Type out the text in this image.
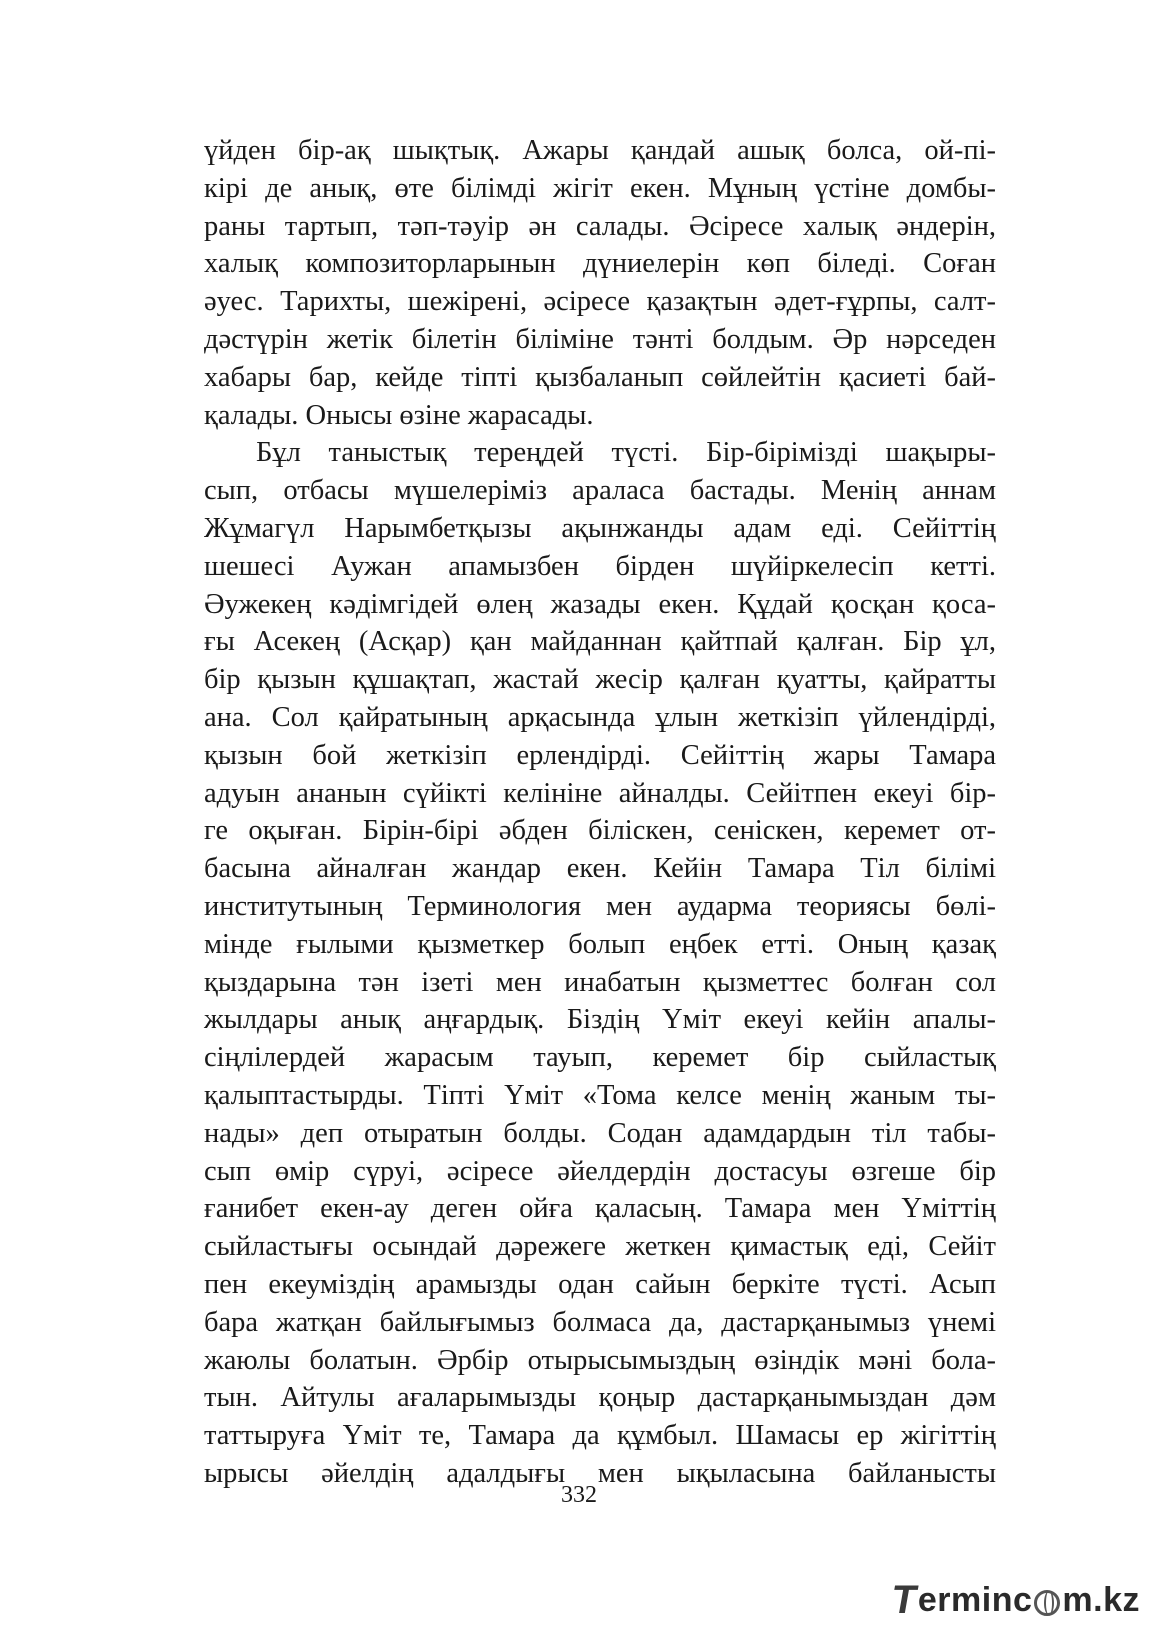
үйден бір-ақ шықтық. Ажары қандай ашық болса, ой-пі-
кірі де анық, өте білімді жігіт екен. Мұның үстіне домбы-
раны тартып, тәп-тәуір ән салады. Әсіресе халық әндерін,
халық композиторларынын дүниелерін көп біледі. Соған
әуес. Тарихты, шежірені, әсіресе қазақтын әдет-ғұрпы, салт-
дәстүрін жетік білетін біліміне тәнті болдым. Әр нәрседен
хабары бар, кейде тіпті қызбаланып сөйлейтін қасиеті бай-
қалады. Онысы өзіне жарасады.

Бұл таныстық тереңдей түсті. Бір-бірімізді шақыры-
сып, отбасы мүшелеріміз араласа бастады. Менің аннам
Жұмагүл Нарымбетқызы ақынжанды адам еді. Сейіттің
шешесі Аужан апамызбен бірден шүйіркелесіп кетті.
Әужекең кәдімгідей өлең жазады екен. Құдай қосқан қоса-
ғы Асекең (Асқар) қан майданнан қайтпай қалған. Бір ұл,
бір қызын құшақтап, жастай жесір қалған қуатты, қайратты
ана. Сол қайратының арқасында ұлын жеткізіп үйлендірді,
қызын бой жеткізіп ерлендірді. Сейіттің жары Тамара
адуын ананын сүйікті келініне айналды. Сейітпен екеуі бір-
ге оқыған. Бірін-бірі әбден біліскен, сеніскен, керемет от-
басына айналған жандар екен. Кейін Тамара Тіл білімі
институтының Терминология мен аударма теориясы бөлі-
мінде ғылыми қызметкер болып еңбек етті. Оның қазақ
қыздарына тән ізеті мен инабатын қызметтес болған сол
жылдары анық аңғардық. Біздің Үміт екеуі кейін апалы-
сіңлілердей жарасым тауып, керемет бір сыйластық
қалыптастырды. Тіпті Үміт «Тома келсе менің жаным ты-
нады» деп отыратын болды. Содан адамдардын тіл табы-
сып өмір сүруі, әсіресе әйелдердін достасуы өзгеше бір
ғанибет екен-ау деген ойға қаласың. Тамара мен Үміттің
сыйластығы осындай дәрежеге жеткен қимастық еді, Сейіт
пен екеуміздің арамызды одан сайын беркіте түсті. Асып
бара жатқан байлығымыз болмаса да, дастарқанымыз үнемі
жаюлы болатын. Әрбір отырысымыздың өзіндік мәні бола-
тын. Айтулы ағаларымызды қоңыр дастарқанымыздан дәм
таттыруға Үміт те, Тамара да құмбыл. Шамасы ер жігіттің
ырысы әйелдің адалдығы мен ықыласына байланысты

332
T
ermin c m.kz
